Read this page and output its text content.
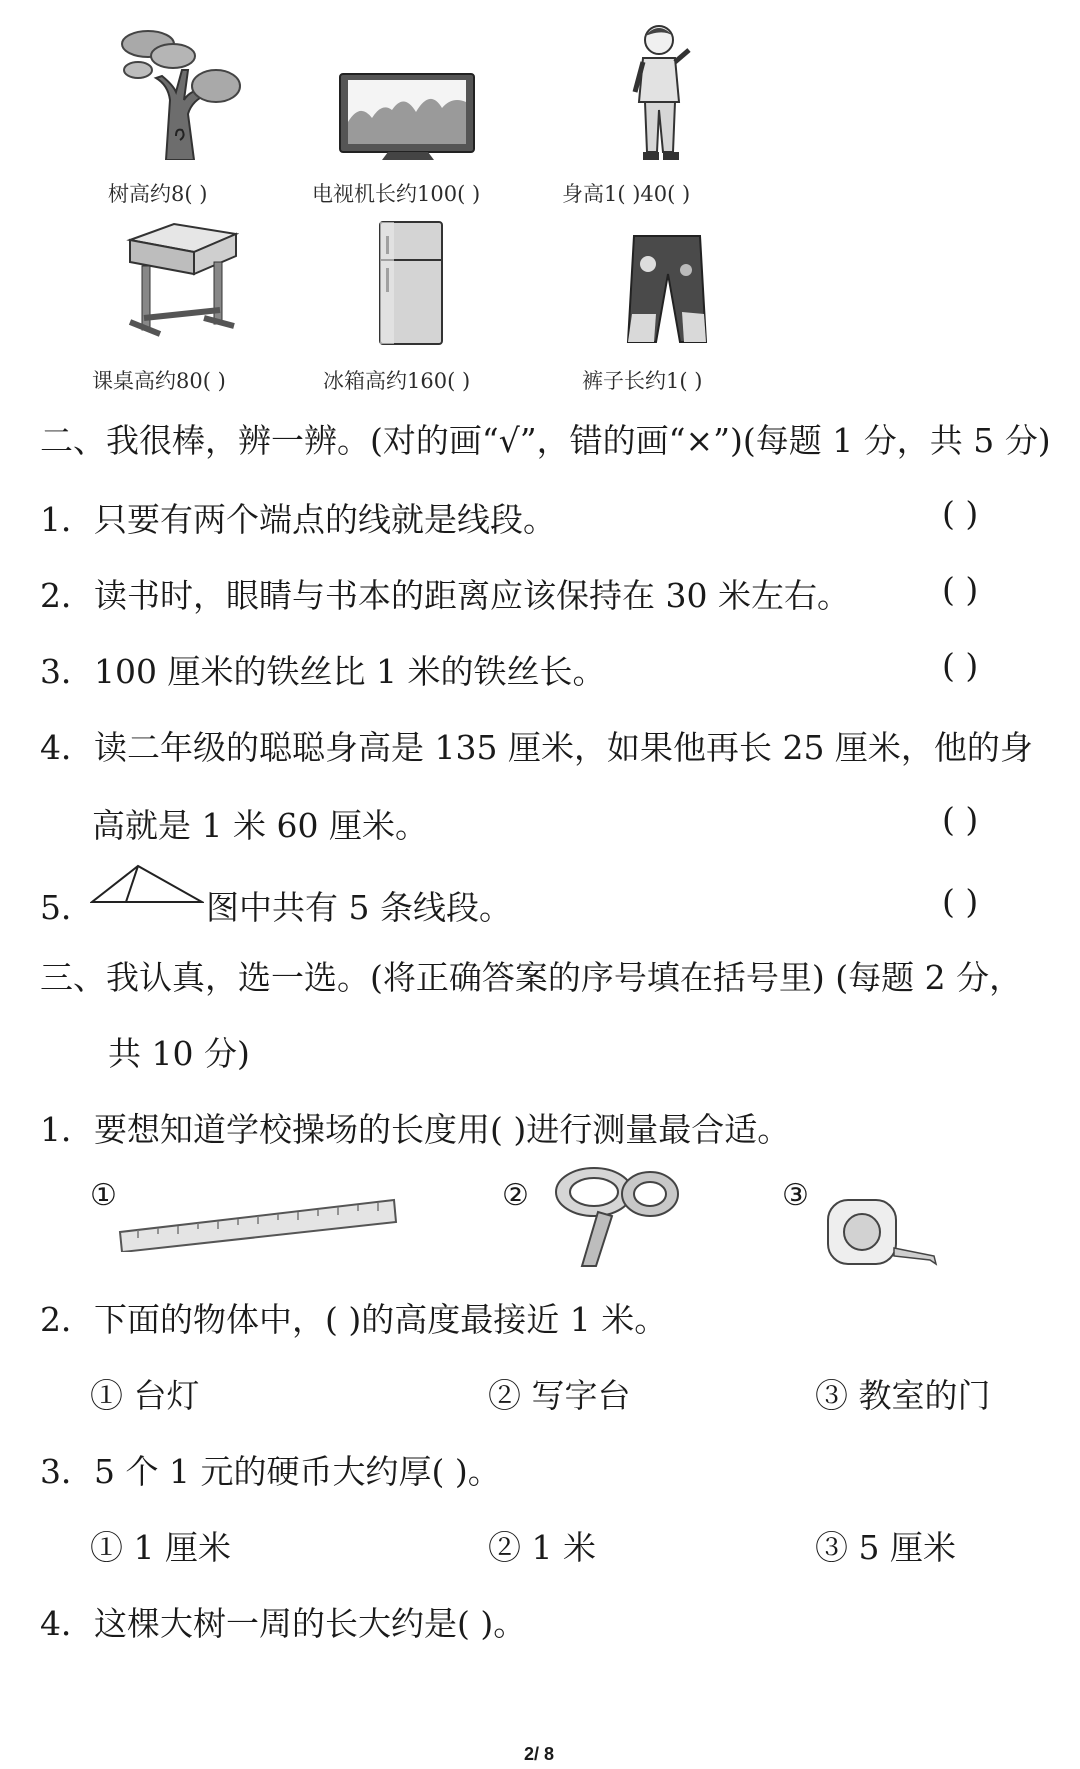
树高约8( )	电视机长约100( )	身高1( )40( )
课桌高约80( )	冰箱高约160( )	裤子长约1( )
二、我很棒，辨一辨。(对的画“√”，错的画“×”)(每题 1 分，共 5 分)
1．只要有两个端点的线就是线段。	( )
2．读书时，眼睛与书本的距离应该保持在 30 米左右。	( )
3．100 厘米的铁丝比 1 米的铁丝长。	( )
4．读二年级的聪聪身高是 135 厘米，如果他再长 25 厘米，他的身
高就是 1 米 60 厘米。	( )
5．	图中共有 5 条线段。	( )
三、我认真，选一选。(将正确答案的序号填在括号里) (每题 2 分，
共 10 分)
1．要想知道学校操场的长度用( )进行测量最合适。
①	②	③
2．下面的物体中，( )的高度最接近 1 米。
① 台灯	② 写字台	③ 教室的门
3．5 个 1 元的硬币大约厚( )。
① 1 厘米	② 1 米	③ 5 厘米
4．这棵大树一周的长大约是( )。
2/ 8
